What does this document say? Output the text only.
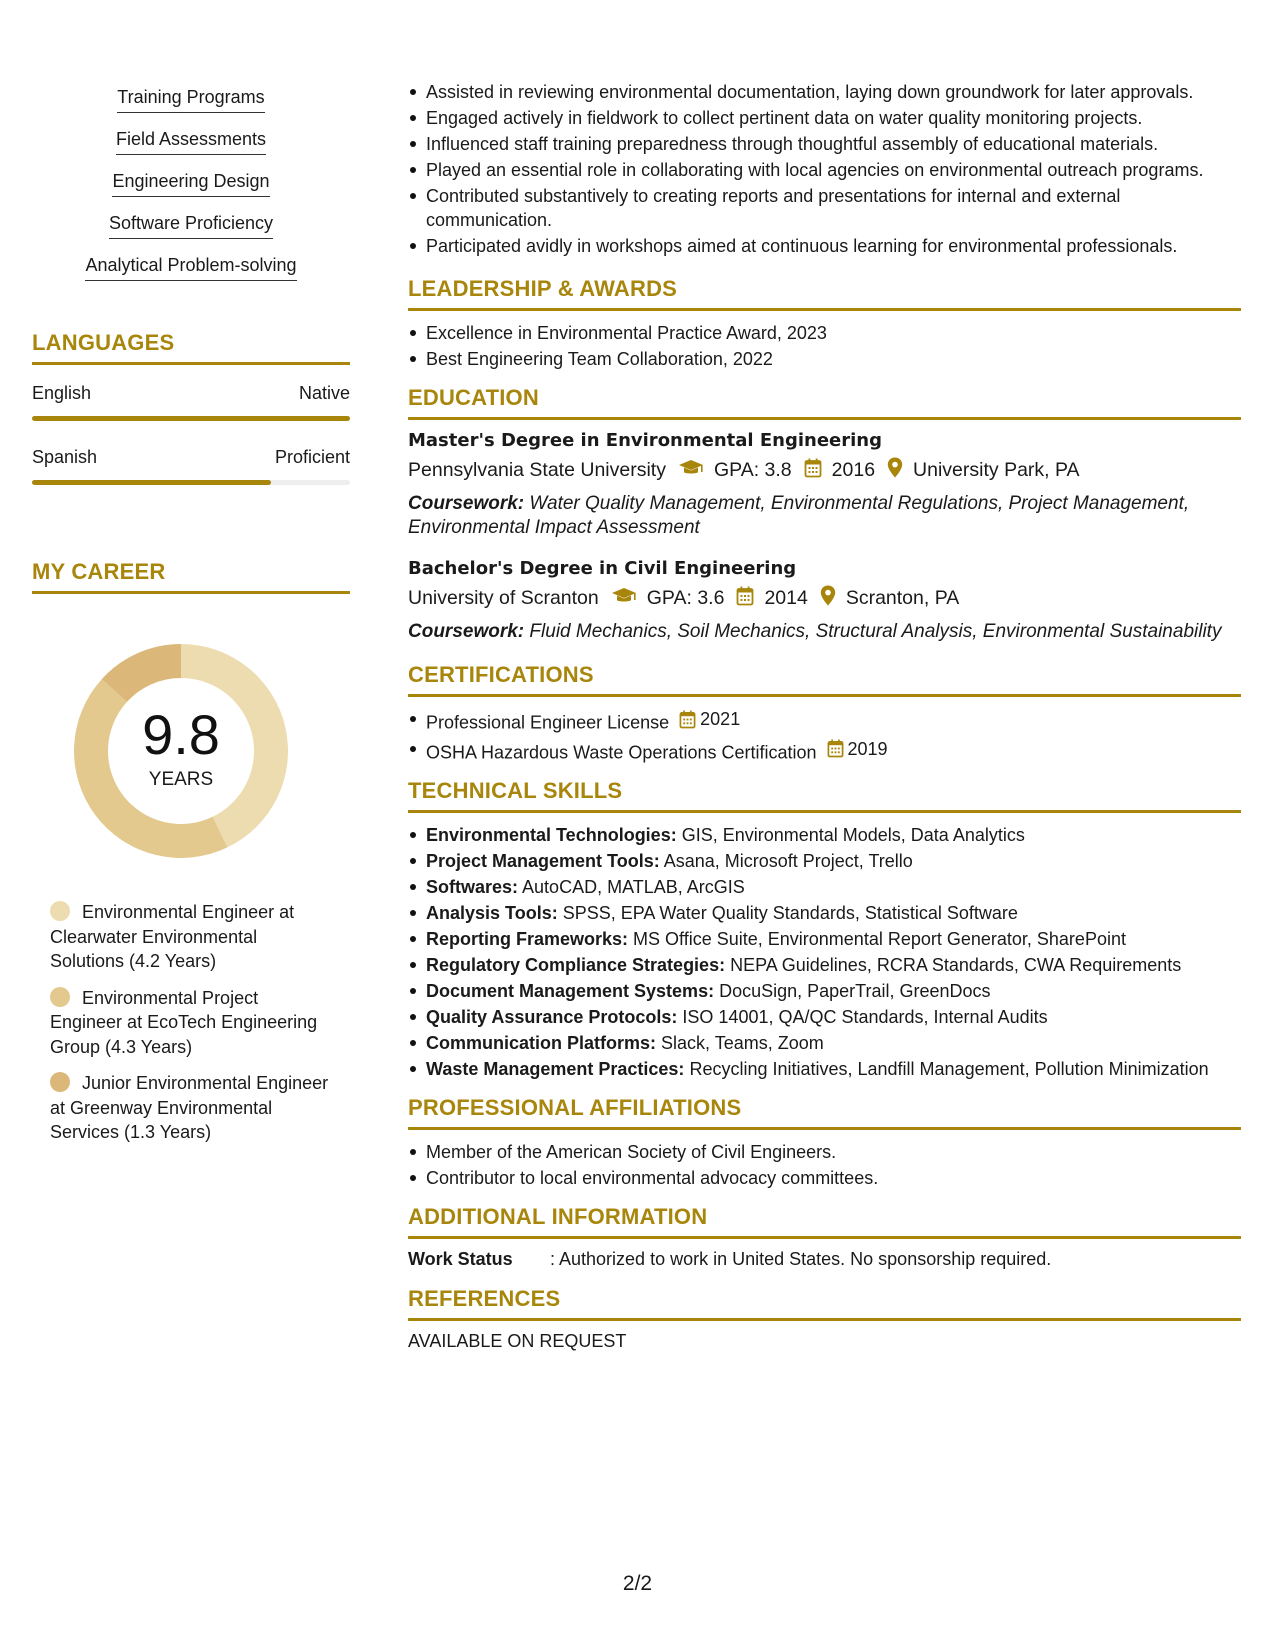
Training Programs
Field Assessments
Engineering Design
Software Proficiency
Analytical Problem-solving
LANGUAGES
English	Native
Spanish	Proficient
MY CAREER
9.8
YEARS
Environmental Engineer at Clearwater Environmental Solutions (4.2 Years)
Environmental Project Engineer at EcoTech Engineering Group (4.3 Years)
Junior Environmental Engineer at Greenway Environmental Services (1.3 Years)
Assisted in reviewing environmental documentation, laying down groundwork for later approvals.
Engaged actively in fieldwork to collect pertinent data on water quality monitoring projects.
Influenced staff training preparedness through thoughtful assembly of educational materials.
Played an essential role in collaborating with local agencies on environmental outreach programs.
Contributed substantively to creating reports and presentations for internal and external communication.
Participated avidly in workshops aimed at continuous learning for environmental professionals.
LEADERSHIP & AWARDS
Excellence in Environmental Practice Award, 2023
Best Engineering Team Collaboration, 2022
EDUCATION
Master's Degree in Environmental Engineering
Pennsylvania State University GPA: 3.8 2016 University Park, PA
Coursework: Water Quality Management, Environmental Regulations, Project Management, Environmental Impact Assessment
Bachelor's Degree in Civil Engineering
University of Scranton GPA: 3.6 2014 Scranton, PA
Coursework: Fluid Mechanics, Soil Mechanics, Structural Analysis, Environmental Sustainability
CERTIFICATIONS
Professional Engineer License 2021
OSHA Hazardous Waste Operations Certification 2019
TECHNICAL SKILLS
Environmental Technologies: GIS, Environmental Models, Data Analytics
Project Management Tools: Asana, Microsoft Project, Trello
Softwares: AutoCAD, MATLAB, ArcGIS
Analysis Tools: SPSS, EPA Water Quality Standards, Statistical Software
Reporting Frameworks: MS Office Suite, Environmental Report Generator, SharePoint
Regulatory Compliance Strategies: NEPA Guidelines, RCRA Standards, CWA Requirements
Document Management Systems: DocuSign, PaperTrail, GreenDocs
Quality Assurance Protocols: ISO 14001, QA/QC Standards, Internal Audits
Communication Platforms: Slack, Teams, Zoom
Waste Management Practices: Recycling Initiatives, Landfill Management, Pollution Minimization
PROFESSIONAL AFFILIATIONS
Member of the American Society of Civil Engineers.
Contributor to local environmental advocacy committees.
ADDITIONAL INFORMATION
Work Status	: Authorized to work in United States. No sponsorship required.
REFERENCES
AVAILABLE ON REQUEST
2/2
